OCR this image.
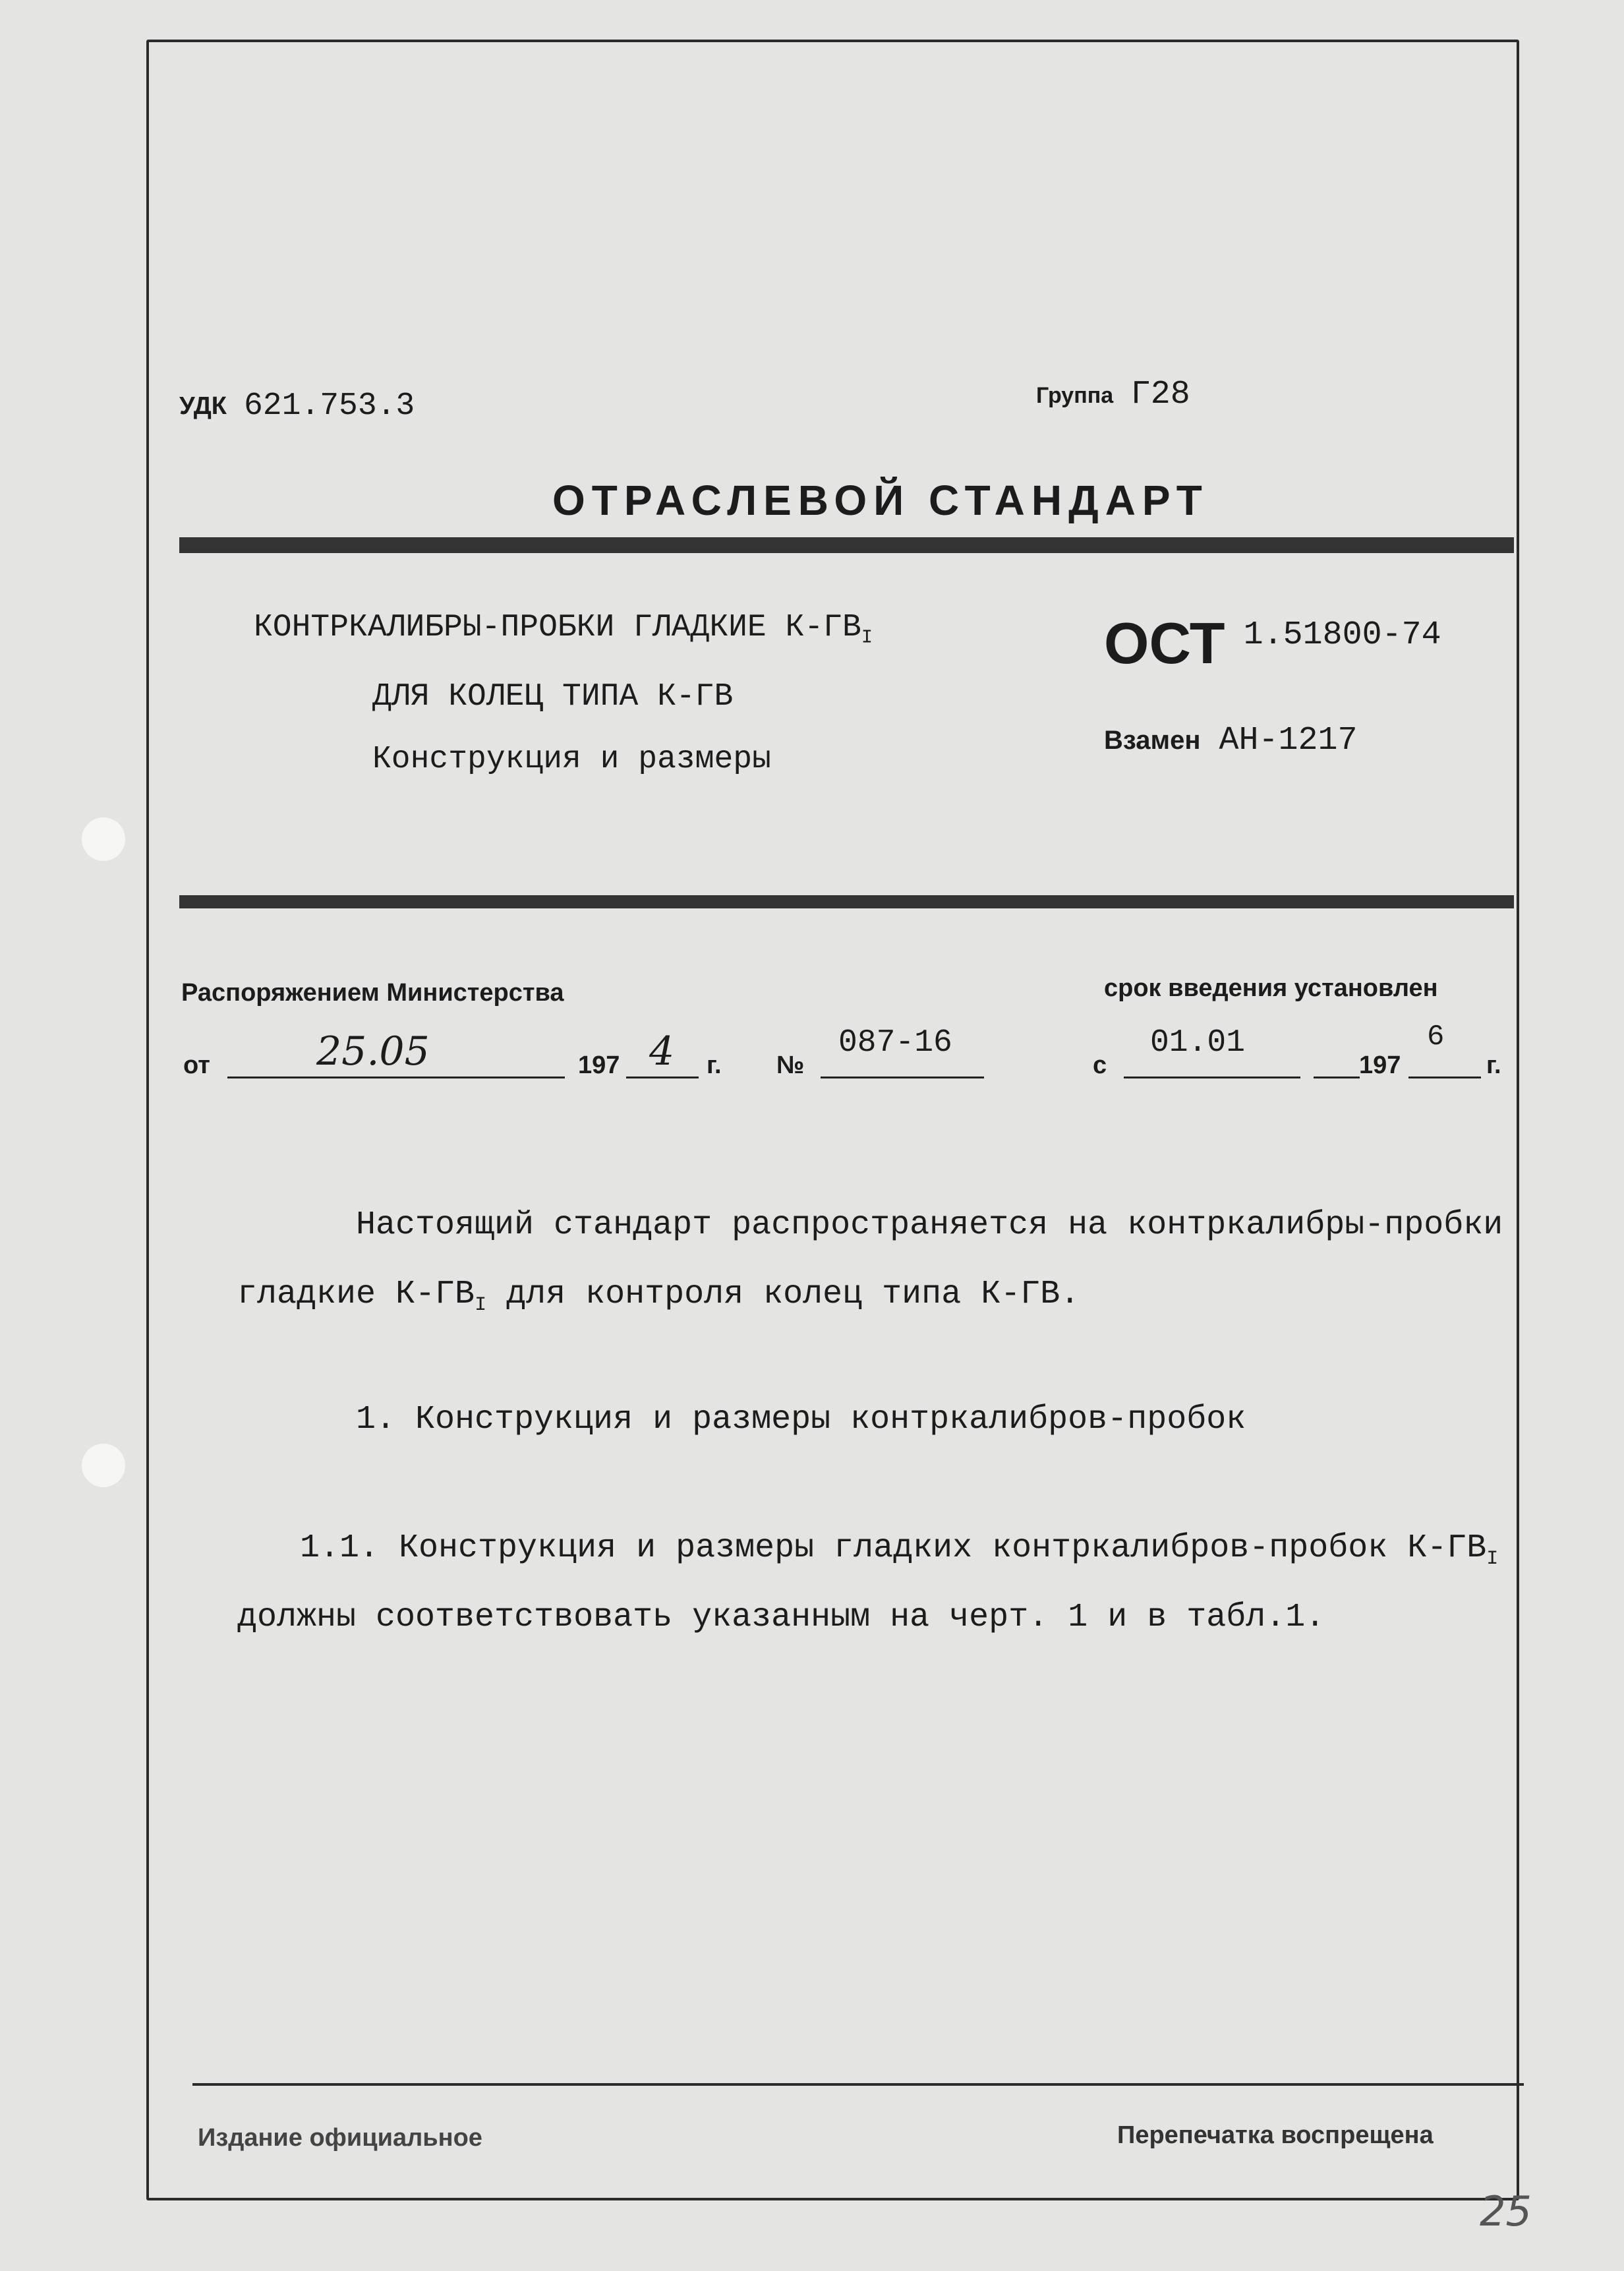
УДК 621.753.3	Группа Г28
ОТРАСЛЕВОЙ СТАНДАРТ
КОНТРКАЛИБРЫ-ПРОБКИ ГЛАДКИЕ $К-ГВ_I$
ДЛЯ КОЛЕЦ ТИПА К-ГВ
Конструкция и размеры
ОСТ 1.51800-74
Взамен АН-1217
Распоряжением Министерства
от	25.05	197 4 г. №
087-16
срок введения установлен
с
01.01
197
6
г.
Настоящий стандарт распространяется на контркалибры-пробки
гладкие $К-ГВ_I$ для контроля колец типа К-ГВ.
1. Конструкция и размеры контркалибров-пробок
1.1. Конструкция и размеры гладких контркалибров-пробок $К-ГВ_I$
должны соответствовать указанным на черт. 1 и в табл.1.
Издание официальное	Перепечатка воспрещена
25
